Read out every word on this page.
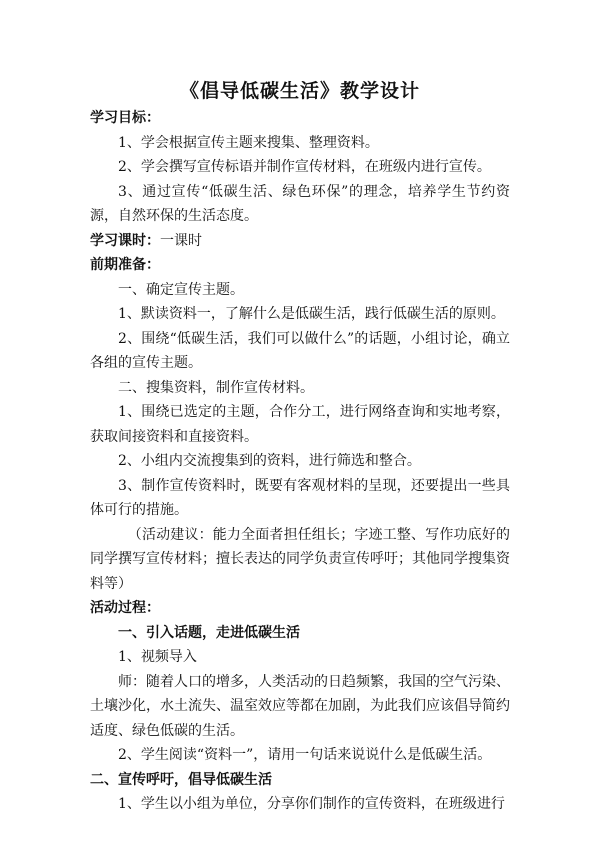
《倡导低碳生活》教学设计

学习目标：

1、学会根据宣传主题来搜集、整理资料。

2、学会撰写宣传标语并制作宣传材料，在班级内进行宣传。

3、通过宣传“低碳生活、绿色环保”的理念，培养学生节约资源，自然环保的生活态度。

学习课时：一课时

前期准备：

一、确定宣传主题。

1、默读资料一，了解什么是低碳生活，践行低碳生活的原则。

2、围绕“低碳生活，我们可以做什么”的话题，小组讨论，确立各组的宣传主题。

二、搜集资料，制作宣传材料。

1、围绕已选定的主题，合作分工，进行网络查询和实地考察，获取间接资料和直接资料。

2、小组内交流搜集到的资料，进行筛选和整合。

3、制作宣传资料时，既要有客观材料的呈现，还要提出一些具体可行的措施。

（活动建议：能力全面者担任组长；字迹工整、写作功底好的同学撰写宣传材料；擅长表达的同学负责宣传呼吁；其他同学搜集资料等）

活动过程：

一、引入话题，走进低碳生活

1、视频导入

师：随着人口的增多，人类活动的日趋频繁，我国的空气污染、土壤沙化，水土流失、温室效应等都在加剧，为此我们应该倡导简约适度、绿色低碳的生活。

2、学生阅读“资料一”，请用一句话来说说什么是低碳生活。

二、宣传呼吁，倡导低碳生活

1、学生以小组为单位，分享你们制作的宣传资料，在班级进行
